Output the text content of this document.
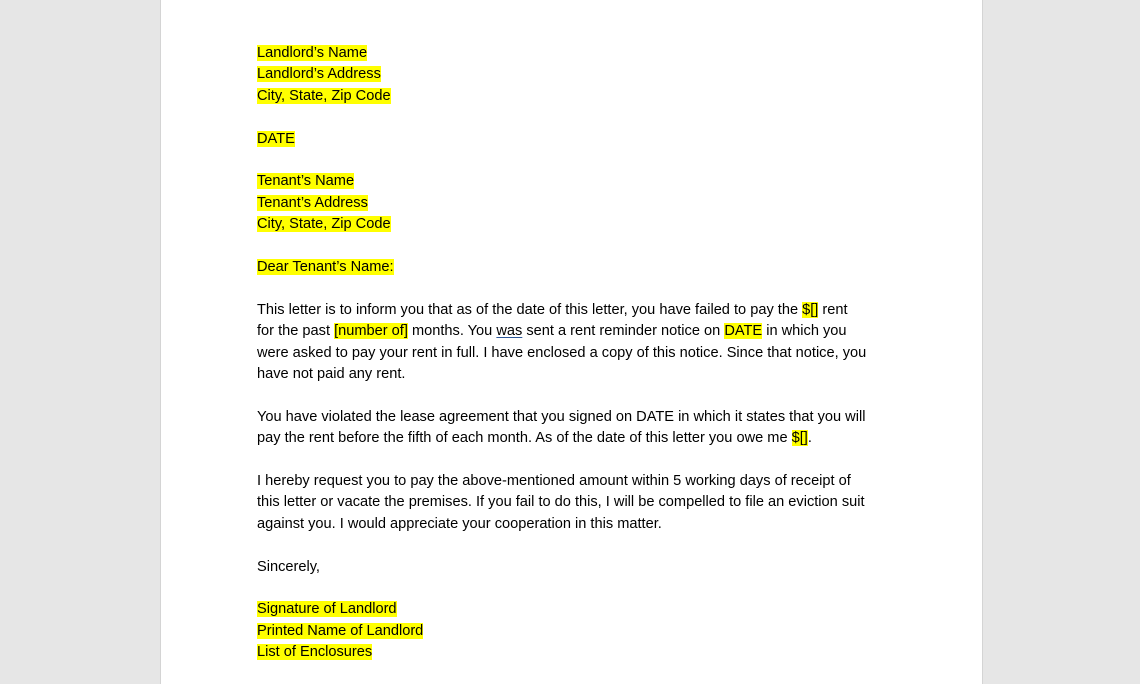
Landlord’s Name
Landlord’s Address
City, State, Zip Code
DATE
Tenant’s Name
Tenant’s Address
City, State, Zip Code
Dear Tenant’s Name:

This letter is to inform you that as of the date of this letter, you have failed to pay the $[] rent
for the past [number of] months. You was sent a rent reminder notice on DATE in which you
were asked to pay your rent in full. I have enclosed a copy of this notice. Since that notice, you
have not paid any rent.

You have violated the lease agreement that you signed on DATE in which it states that you will
pay the rent before the fifth of each month. As of the date of this letter you owe me $[].

I hereby request you to pay the above-mentioned amount within 5 working days of receipt of
this letter or vacate the premises. If you fail to do this, I will be compelled to file an eviction suit
against you. I would appreciate your cooperation in this matter.

Sincerely,
Signature of Landlord
Printed Name of Landlord
List of Enclosures
